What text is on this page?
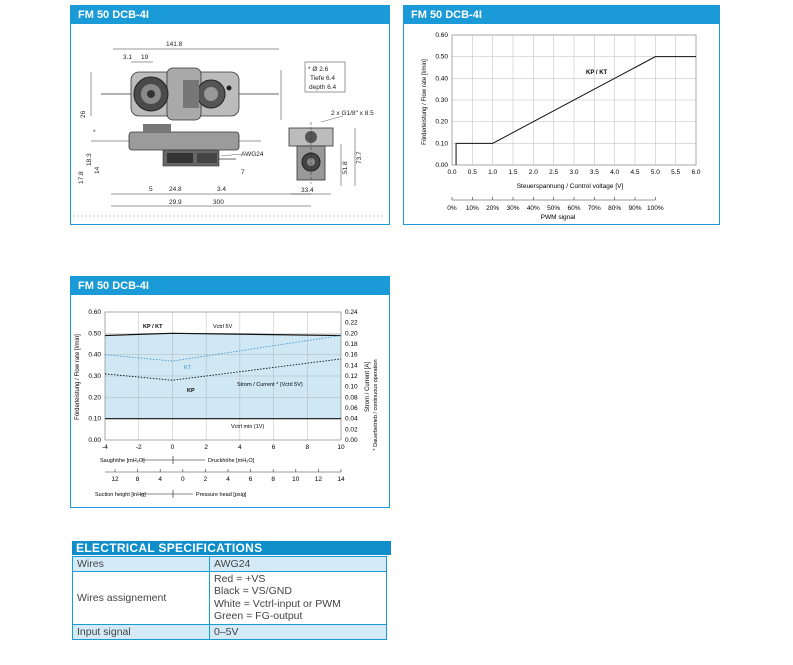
FM 50 DCB-4I
141.8
3.1 19
26
*
* Ø 2.6
Tiefe 6.4
depth 6.4
AWG24
17.8
18.3
14
5	24.8	3.4
29.9	300
7
2 x G1/8" x 8.5
51.8
73.7
33.4
FM 50 DCB-4I
0.00
0.10
0.20
0.30
0.40
0.50
0.60
0.0 0.5 1.0 1.5 2.0 2.5 3.0 3.5 4.0 4.5 5.0 5.5 6.0
KP / KT
Förderleistung / Flow rate [l/min]
Steuerspannung / Control voltage [V]
0% 10% 20% 30% 40% 50% 60% 70% 80% 90% 100%
PWM signal
FM 50 DCB-4I
0.00
0.10
0.20
0.30
0.40
0.50
0.60
0.00
0.02
0.04
0.06
0.08
0.10
0.12
0.14
0.16
0.18
0.20
0.22
0.24
-4	-2	0	2	4	6	8	10
KP / KT	Vctrl 5V
KT
Strom / Current * (Vctrl 5V)
KP
Vctrl min (1V)
Förderleistung / Flow rate [l/min]	Strom / Current [A] * Dauerbetrieb / continuous operation
Saughöhe [mH₂O]	Druckhöhe [mH₂O]
12	8	4	0	2	4	6	8	10 12 14
Suction height [inHg]	Pressure head [psig]
ELECTRICAL SPECIFICATIONS
Wires	AWG24
Wires assignement	Red = +VS
Black = VS/GND
White = Vctrl-input or PWM
Green = FG-output

Input signal	0–5V
